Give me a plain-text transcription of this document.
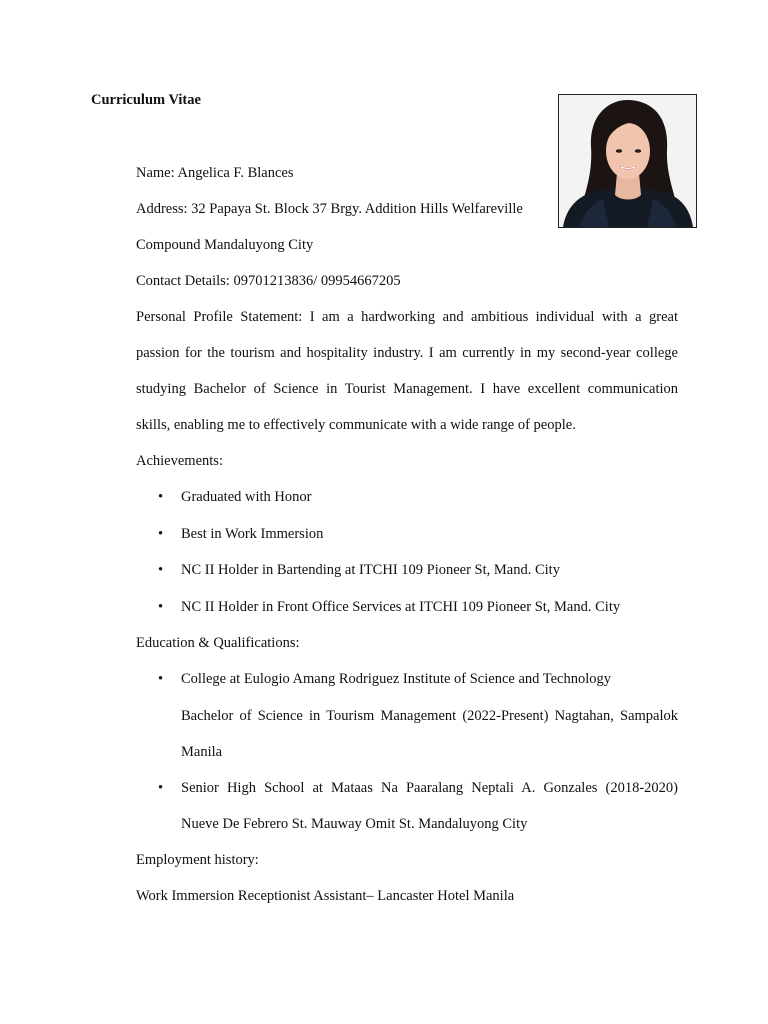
Curriculum Vitae
Name: Angelica F. Blances
Address: 32 Papaya St. Block 37 Brgy. Addition Hills Welfareville
Compound Mandaluyong City
Contact Details: 09701213836/ 09954667205
Personal Profile Statement: I am a hardworking and ambitious individual with a great
passion for the tourism and hospitality industry. I am currently in my second-year college
studying Bachelor of Science in Tourist Management. I have excellent communication
skills, enabling me to effectively communicate with a wide range of people.
Achievements:
• Graduated with Honor
• Best in Work Immersion
• NC II Holder in Bartending at ITCHI 109 Pioneer St, Mand. City
• NC II Holder in Front Office Services at ITCHI 109 Pioneer St, Mand. City
Education & Qualifications:
• College at Eulogio Amang Rodriguez Institute of Science and Technology
Bachelor of Science in Tourism Management (2022-Present) Nagtahan, Sampalok
Manila
• Senior High School at Mataas Na Paaralang Neptali A. Gonzales (2018-2020)
Nueve De Febrero St. Mauway Omit St. Mandaluyong City
Employment history:
Work Immersion Receptionist Assistant– Lancaster Hotel Manila
